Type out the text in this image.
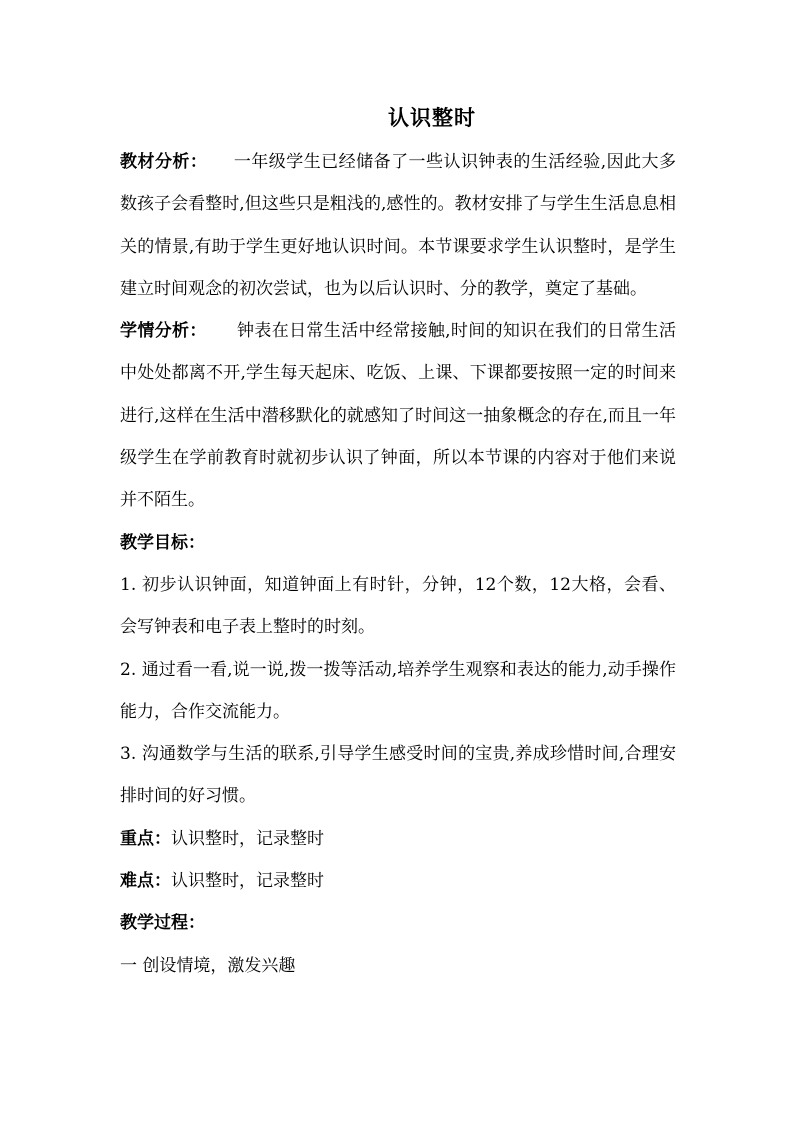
认识整时

教材分析： 一年级学生已经储备了一些认识钟表的生活经验,因此大多数孩子会看整时,但这些只是粗浅的,感性的。教材安排了与学生生活息息相关的情景,有助于学生更好地认识时间。本节课要求学生认识整时，是学生建立时间观念的初次尝试，也为以后认识时、分的教学，奠定了基础。

学情分析： 钟表在日常生活中经常接触,时间的知识在我们的日常生活中处处都离不开,学生每天起床、吃饭、上课、下课都要按照一定的时间来进行,这样在生活中潜移默化的就感知了时间这一抽象概念的存在,而且一年级学生在学前教育时就初步认识了钟面，所以本节课的内容对于他们来说并不陌生。

教学目标：

1. 初步认识钟面，知道钟面上有时针，分钟，12个数，12大格，会看、会写钟表和电子表上整时的时刻。

2. 通过看一看,说一说,拨一拨等活动,培养学生观察和表达的能力,动手操作能力，合作交流能力。

3. 沟通数学与生活的联系,引导学生感受时间的宝贵,养成珍惜时间,合理安排时间的好习惯。

重点：认识整时，记录整时

难点：认识整时，记录整时

教学过程：

一 创设情境，激发兴趣
